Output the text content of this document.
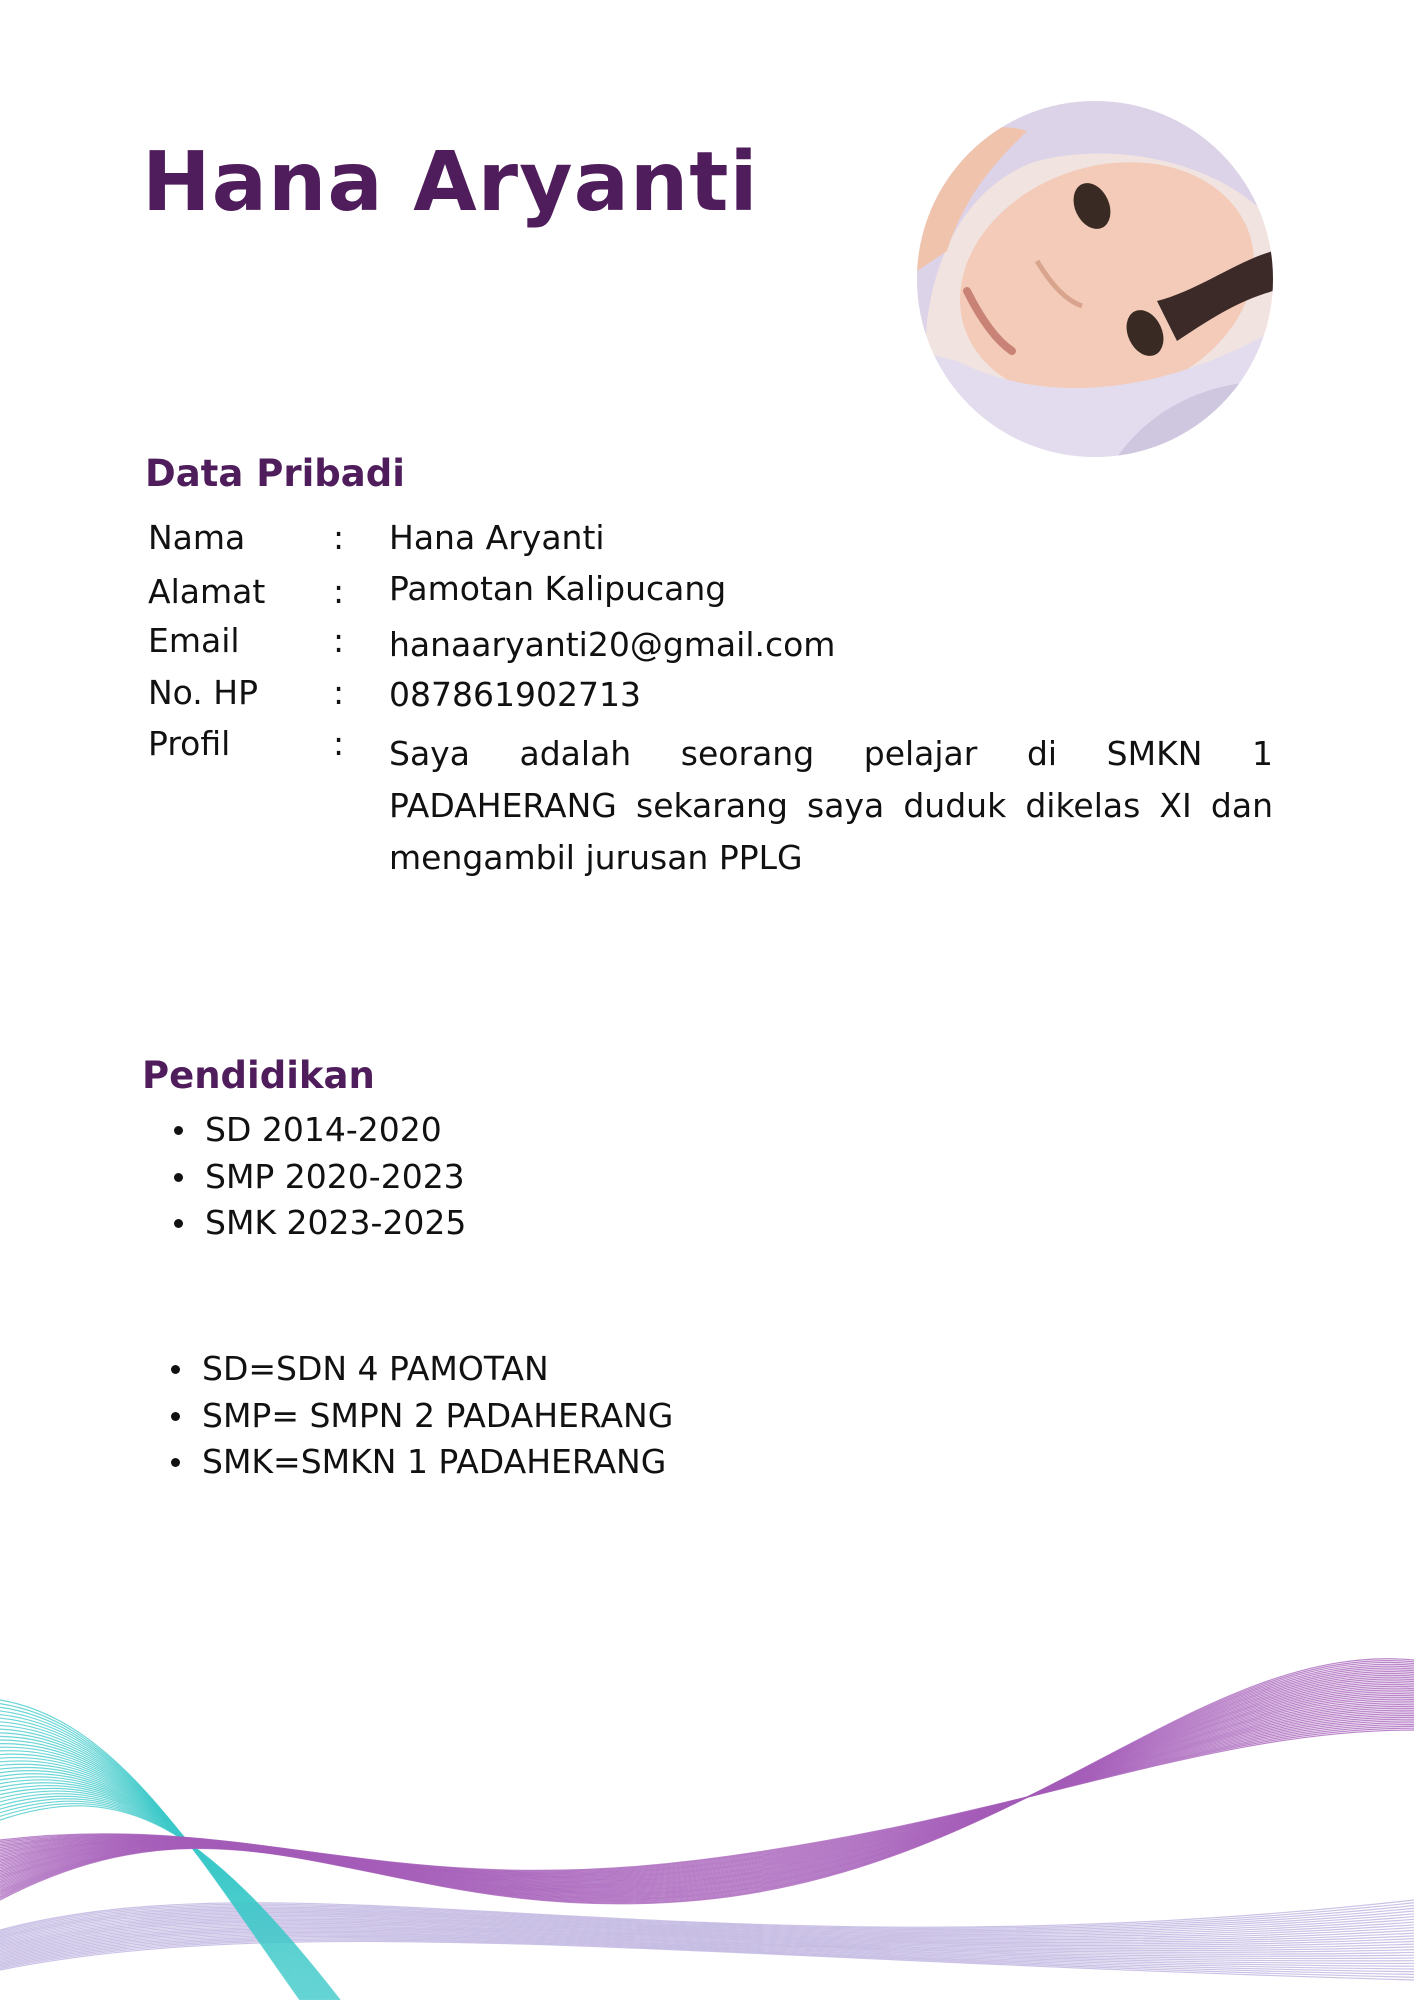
Hana Aryanti
Data Pribadi
Nama	: Hana Aryanti
Alamat : Pamotan Kalipucang
Email	: hanaaryanti20@gmail.com
No. HP : 087861902713
Profil	: Saya adalah seorang pelajar di SMKN 1 PADAHERANG sekarang saya duduk dikelas XI dan mengambil jurusan PPLG
Pendidikan
SD 2014-2020
SMP 2020-2023
SMK 2023-2025
SD=SDN 4 PAMOTAN
SMP= SMPN 2 PADAHERANG
SMK=SMKN 1 PADAHERANG
